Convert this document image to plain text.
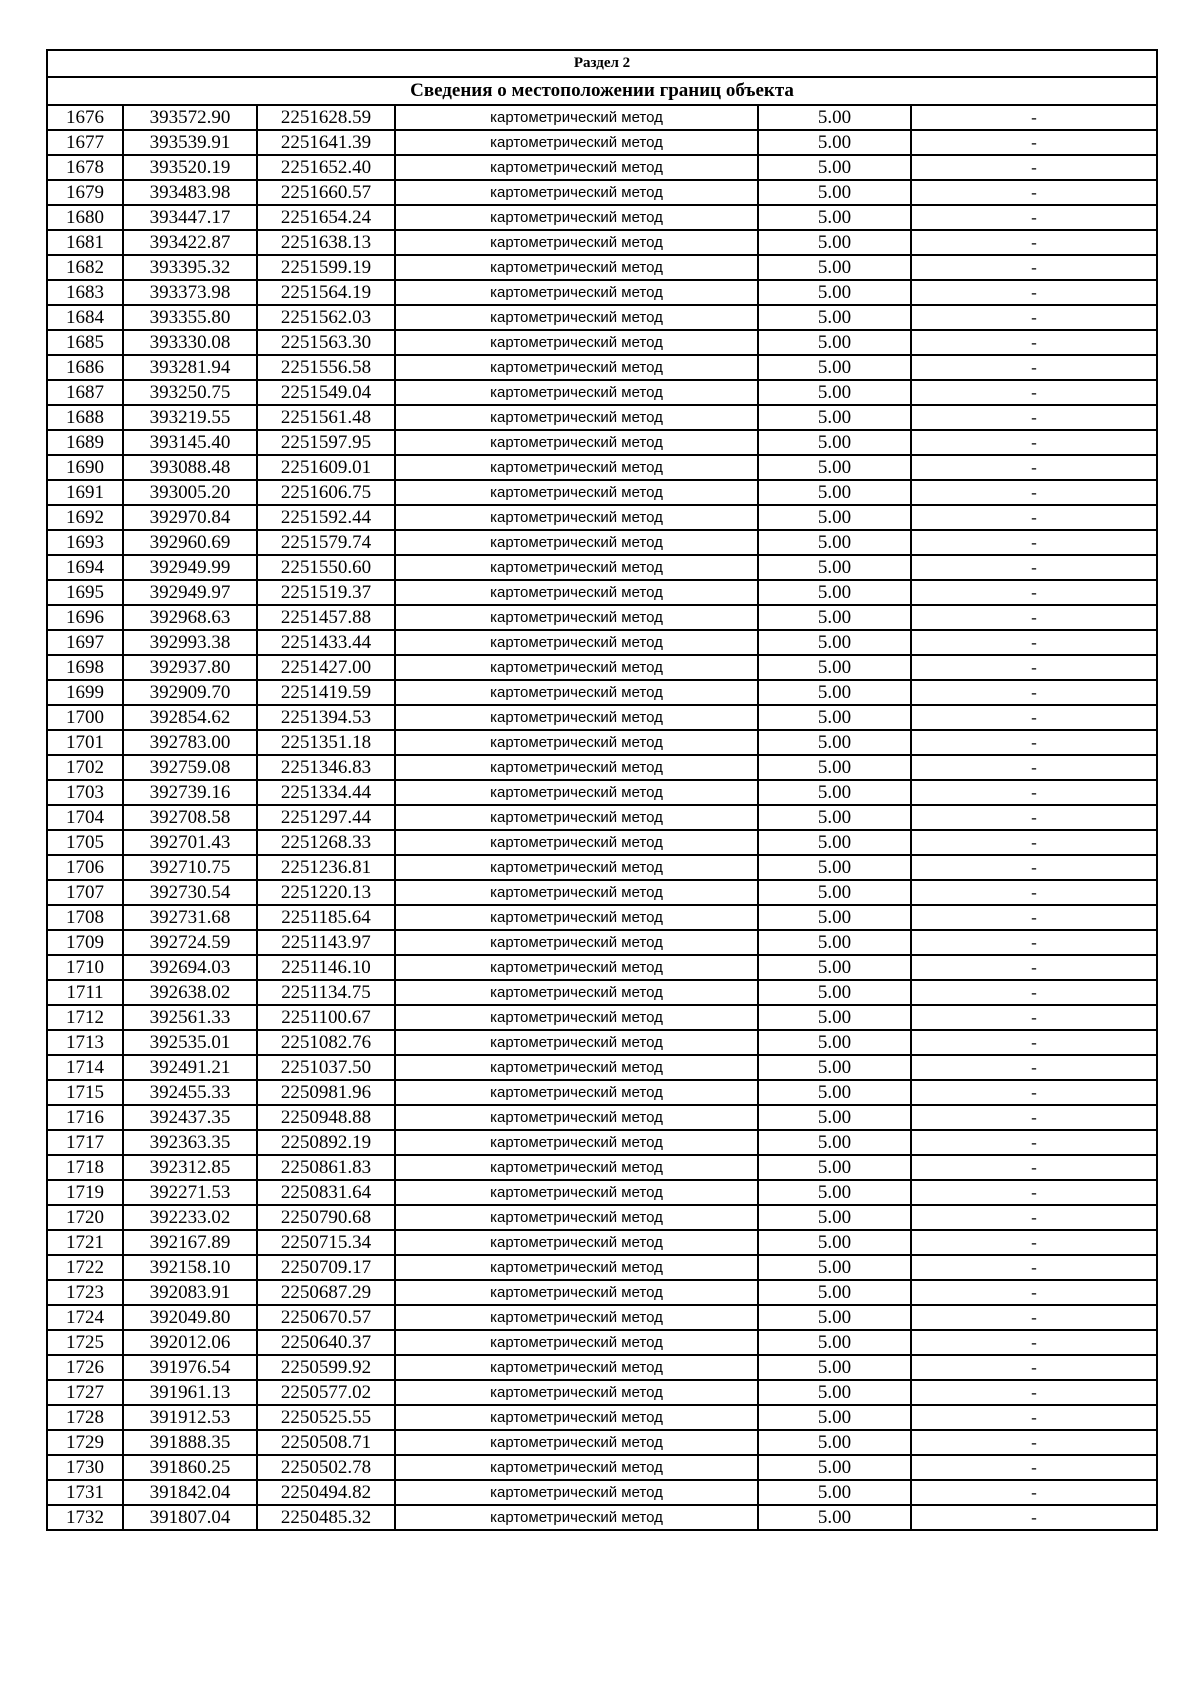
Раздел 2					
Сведения о местоположении границ объекта					
1676	393572.90	2251628.59	картометрический метод	5.00	-
1677	393539.91	2251641.39	картометрический метод	5.00	-
1678	393520.19	2251652.40	картометрический метод	5.00	-
1679	393483.98	2251660.57	картометрический метод	5.00	-
1680	393447.17	2251654.24	картометрический метод	5.00	-
1681	393422.87	2251638.13	картометрический метод	5.00	-
1682	393395.32	2251599.19	картометрический метод	5.00	-
1683	393373.98	2251564.19	картометрический метод	5.00	-
1684	393355.80	2251562.03	картометрический метод	5.00	-
1685	393330.08	2251563.30	картометрический метод	5.00	-
1686	393281.94	2251556.58	картометрический метод	5.00	-
1687	393250.75	2251549.04	картометрический метод	5.00	-
1688	393219.55	2251561.48	картометрический метод	5.00	-
1689	393145.40	2251597.95	картометрический метод	5.00	-
1690	393088.48	2251609.01	картометрический метод	5.00	-
1691	393005.20	2251606.75	картометрический метод	5.00	-
1692	392970.84	2251592.44	картометрический метод	5.00	-
1693	392960.69	2251579.74	картометрический метод	5.00	-
1694	392949.99	2251550.60	картометрический метод	5.00	-
1695	392949.97	2251519.37	картометрический метод	5.00	-
1696	392968.63	2251457.88	картометрический метод	5.00	-
1697	392993.38	2251433.44	картометрический метод	5.00	-
1698	392937.80	2251427.00	картометрический метод	5.00	-
1699	392909.70	2251419.59	картометрический метод	5.00	-
1700	392854.62	2251394.53	картометрический метод	5.00	-
1701	392783.00	2251351.18	картометрический метод	5.00	-
1702	392759.08	2251346.83	картометрический метод	5.00	-
1703	392739.16	2251334.44	картометрический метод	5.00	-
1704	392708.58	2251297.44	картометрический метод	5.00	-
1705	392701.43	2251268.33	картометрический метод	5.00	-
1706	392710.75	2251236.81	картометрический метод	5.00	-
1707	392730.54	2251220.13	картометрический метод	5.00	-
1708	392731.68	2251185.64	картометрический метод	5.00	-
1709	392724.59	2251143.97	картометрический метод	5.00	-
1710	392694.03	2251146.10	картометрический метод	5.00	-
1711	392638.02	2251134.75	картометрический метод	5.00	-
1712	392561.33	2251100.67	картометрический метод	5.00	-
1713	392535.01	2251082.76	картометрический метод	5.00	-
1714	392491.21	2251037.50	картометрический метод	5.00	-
1715	392455.33	2250981.96	картометрический метод	5.00	-
1716	392437.35	2250948.88	картометрический метод	5.00	-
1717	392363.35	2250892.19	картометрический метод	5.00	-
1718	392312.85	2250861.83	картометрический метод	5.00	-
1719	392271.53	2250831.64	картометрический метод	5.00	-
1720	392233.02	2250790.68	картометрический метод	5.00	-
1721	392167.89	2250715.34	картометрический метод	5.00	-
1722	392158.10	2250709.17	картометрический метод	5.00	-
1723	392083.91	2250687.29	картометрический метод	5.00	-
1724	392049.80	2250670.57	картометрический метод	5.00	-
1725	392012.06	2250640.37	картометрический метод	5.00	-
1726	391976.54	2250599.92	картометрический метод	5.00	-
1727	391961.13	2250577.02	картометрический метод	5.00	-
1728	391912.53	2250525.55	картометрический метод	5.00	-
1729	391888.35	2250508.71	картометрический метод	5.00	-
1730	391860.25	2250502.78	картометрический метод	5.00	-
1731	391842.04	2250494.82	картометрический метод	5.00	-
1732	391807.04	2250485.32	картометрический метод	5.00	-
